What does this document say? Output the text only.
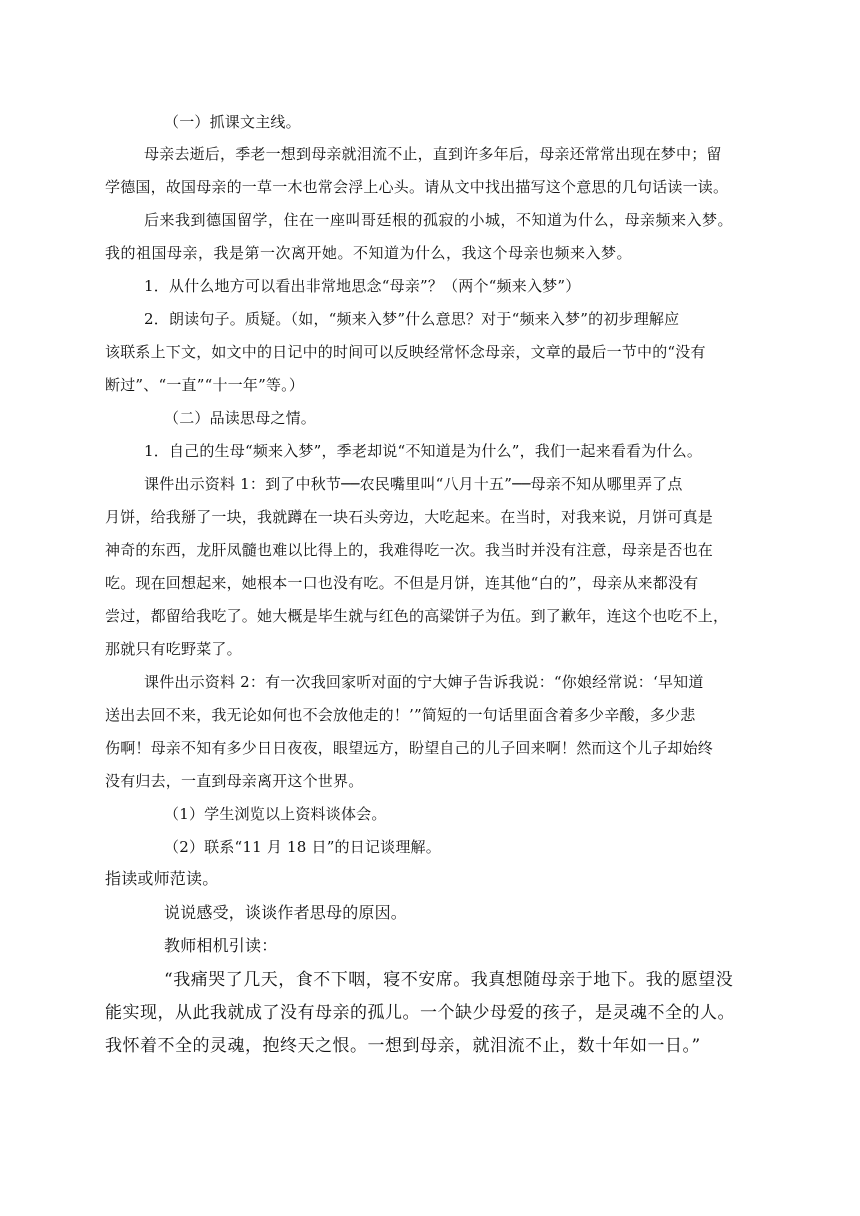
（一）抓课文主线。
母亲去逝后，季老一想到母亲就泪流不止，直到许多年后，母亲还常常出现在梦中；留
学德国，故国母亲的一草一木也常会浮上心头。请从文中找出描写这个意思的几句话读一读。
后来我到德国留学，住在一座叫哥廷根的孤寂的小城，不知道为什么，母亲频来入梦。
我的祖国母亲，我是第一次离开她。不知道为什么，我这个母亲也频来入梦。
1．从什么地方可以看出非常地思念“母亲”？（两个“频来入梦”）
2．朗读句子。质疑。（如，“频来入梦”什么意思？对于“频来入梦”的初步理解应
该联系上下文，如文中的日记中的时间可以反映经常怀念母亲，文章的最后一节中的“没有
断过”、“一直”“十一年”等。）
（二）品读思母之情。
1．自己的生母“频来入梦”，季老却说“不知道是为什么”，我们一起来看看为什么。
课件出示资料 1：到了中秋节──农民嘴里叫“八月十五”──母亲不知从哪里弄了点
月饼，给我掰了一块，我就蹲在一块石头旁边，大吃起来。在当时，对我来说，月饼可真是
神奇的东西，龙肝凤髓也难以比得上的，我难得吃一次。我当时并没有注意，母亲是否也在
吃。现在回想起来，她根本一口也没有吃。不但是月饼，连其他“白的”，母亲从来都没有
尝过，都留给我吃了。她大概是毕生就与红色的高粱饼子为伍。到了歉年，连这个也吃不上，
那就只有吃野菜了。
课件出示资料 2：有一次我回家听对面的宁大婶子告诉我说：“你娘经常说：‘早知道
送出去回不来，我无论如何也不会放他走的！’”简短的一句话里面含着多少辛酸，多少悲
伤啊！母亲不知有多少日日夜夜，眼望远方，盼望自己的儿子回来啊！然而这个儿子却始终
没有归去，一直到母亲离开这个世界。
（1）学生浏览以上资料谈体会。
（2）联系“11 月 18 日”的日记谈理解。
指读或师范读。
说说感受，谈谈作者思母的原因。
教师相机引读：
“我痛哭了几天，食不下咽，寝不安席。我真想随母亲于地下。我的愿望没
能实现，从此我就成了没有母亲的孤儿。一个缺少母爱的孩子，是灵魂不全的人。
我怀着不全的灵魂，抱终天之恨。一想到母亲，就泪流不止，数十年如一日。”
